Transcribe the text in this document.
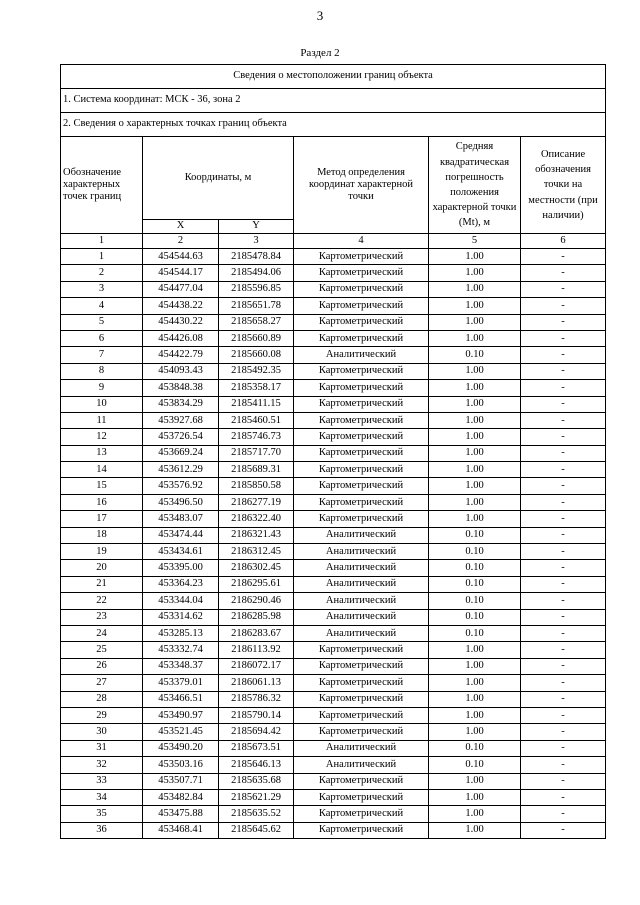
3
Раздел 2
Сведения о местоположении границ объекта					
1. Система координат: МСК - 36, зона 2					
2. Сведения о характерных точках границ объекта					
Обозначение характерных точек границ	Координаты, м		Метод определения координат характерной точки	Средняя квадратическая погрешность положения характерной точки (Mt), м	Описание обозначения точки на местности (при наличии)
	X	Y			
1	2	3	4	5	6
1	454544.63	2185478.84	Картометрический	1.00	-
2	454544.17	2185494.06	Картометрический	1.00	-
3	454477.04	2185596.85	Картометрический	1.00	-
4	454438.22	2185651.78	Картометрический	1.00	-
5	454430.22	2185658.27	Картометрический	1.00	-
6	454426.08	2185660.89	Картометрический	1.00	-
7	454422.79	2185660.08	Аналитический	0.10	-
8	454093.43	2185492.35	Картометрический	1.00	-
9	453848.38	2185358.17	Картометрический	1.00	-
10	453834.29	2185411.15	Картометрический	1.00	-
11	453927.68	2185460.51	Картометрический	1.00	-
12	453726.54	2185746.73	Картометрический	1.00	-
13	453669.24	2185717.70	Картометрический	1.00	-
14	453612.29	2185689.31	Картометрический	1.00	-
15	453576.92	2185850.58	Картометрический	1.00	-
16	453496.50	2186277.19	Картометрический	1.00	-
17	453483.07	2186322.40	Картометрический	1.00	-
18	453474.44	2186321.43	Аналитический	0.10	-
19	453434.61	2186312.45	Аналитический	0.10	-
20	453395.00	2186302.45	Аналитический	0.10	-
21	453364.23	2186295.61	Аналитический	0.10	-
22	453344.04	2186290.46	Аналитический	0.10	-
23	453314.62	2186285.98	Аналитический	0.10	-
24	453285.13	2186283.67	Аналитический	0.10	-
25	453332.74	2186113.92	Картометрический	1.00	-
26	453348.37	2186072.17	Картометрический	1.00	-
27	453379.01	2186061.13	Картометрический	1.00	-
28	453466.51	2185786.32	Картометрический	1.00	-
29	453490.97	2185790.14	Картометрический	1.00	-
30	453521.45	2185694.42	Картометрический	1.00	-
31	453490.20	2185673.51	Аналитический	0.10	-
32	453503.16	2185646.13	Аналитический	0.10	-
33	453507.71	2185635.68	Картометрический	1.00	-
34	453482.84	2185621.29	Картометрический	1.00	-
35	453475.88	2185635.52	Картометрический	1.00	-
36	453468.41	2185645.62	Картометрический	1.00	-
